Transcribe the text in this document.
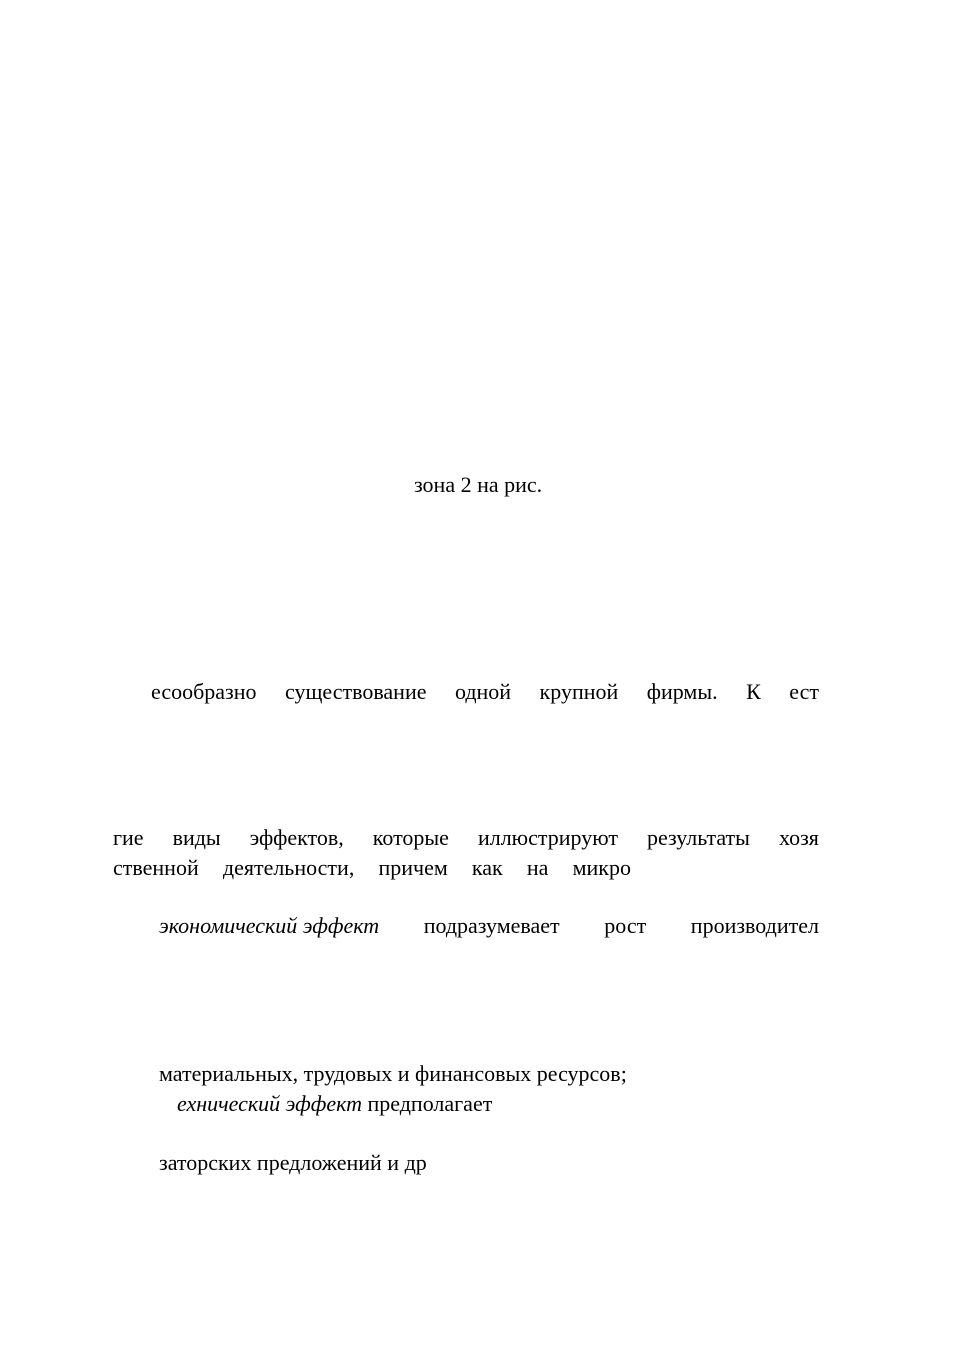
зона 2 на рис.
есообразно существование одной крупной фирмы. К ест
гие виды эффектов, которые иллюстрируют результаты хозя
ственной деятельности, причем как на микро
экономический эффект подразумевает рост производител
материальных, трудовых и финансовых ресурсов;
ехнический эффект предполагает
заторских предложений и др
